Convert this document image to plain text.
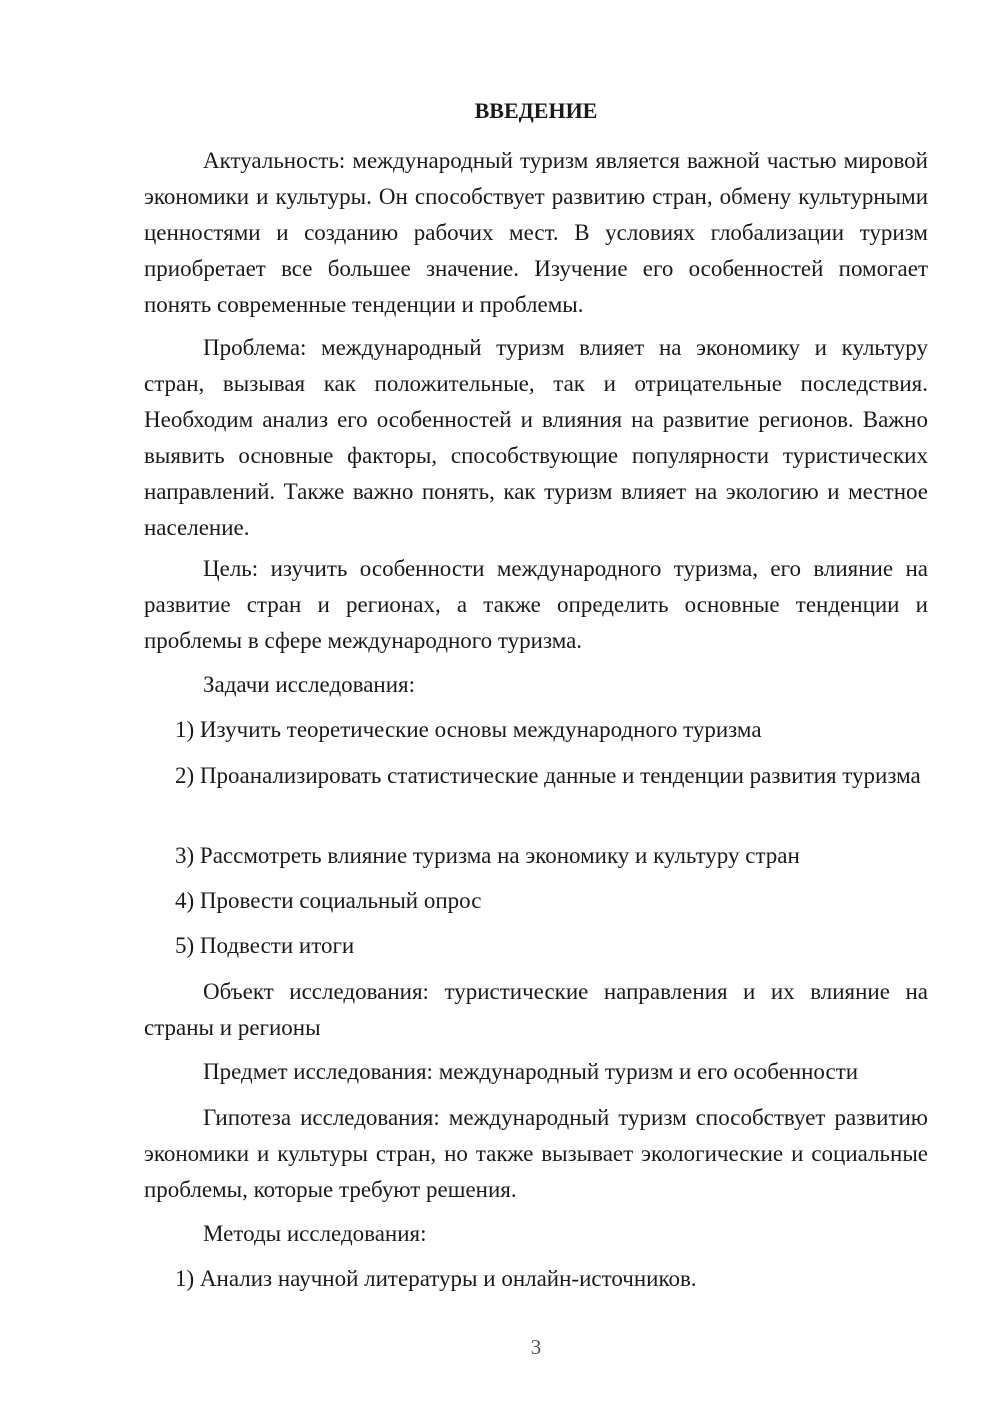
ВВЕДЕНИЕ

Актуальность: международный туризм является важной частью мировой экономики и культуры. Он способствует развитию стран, обмену культурными ценностями и созданию рабочих мест. В условиях глобализации туризм приобретает все большее значение. Изучение его особенностей помогает понять современные тенденции и проблемы.

Проблема: международный туризм влияет на экономику и культуру стран, вызывая как положительные, так и отрицательные последствия. Необходим анализ его особенностей и влияния на развитие регионов. Важно выявить основные факторы, способствующие популярности туристических направлений. Также важно понять, как туризм влияет на экологию и местное население.

Цель: изучить особенности международного туризма, его влияние на развитие стран и регионах, а также определить основные тенденции и проблемы в сфере международного туризма.

Задачи исследования:

1) Изучить теоретические основы международного туризма

2) Проанализировать статистические данные и тенденции развития туризма

3) Рассмотреть влияние туризма на экономику и культуру стран

4) Провести социальный опрос

5) Подвести итоги

Объект исследования: туристические направления и их влияние на страны и регионы

Предмет исследования: международный туризм и его особенности

Гипотеза исследования: международный туризм способствует развитию экономики и культуры стран, но также вызывает экологические и социальные проблемы, которые требуют решения.

Методы исследования:

1) Анализ научной литературы и онлайн-источников.

3
